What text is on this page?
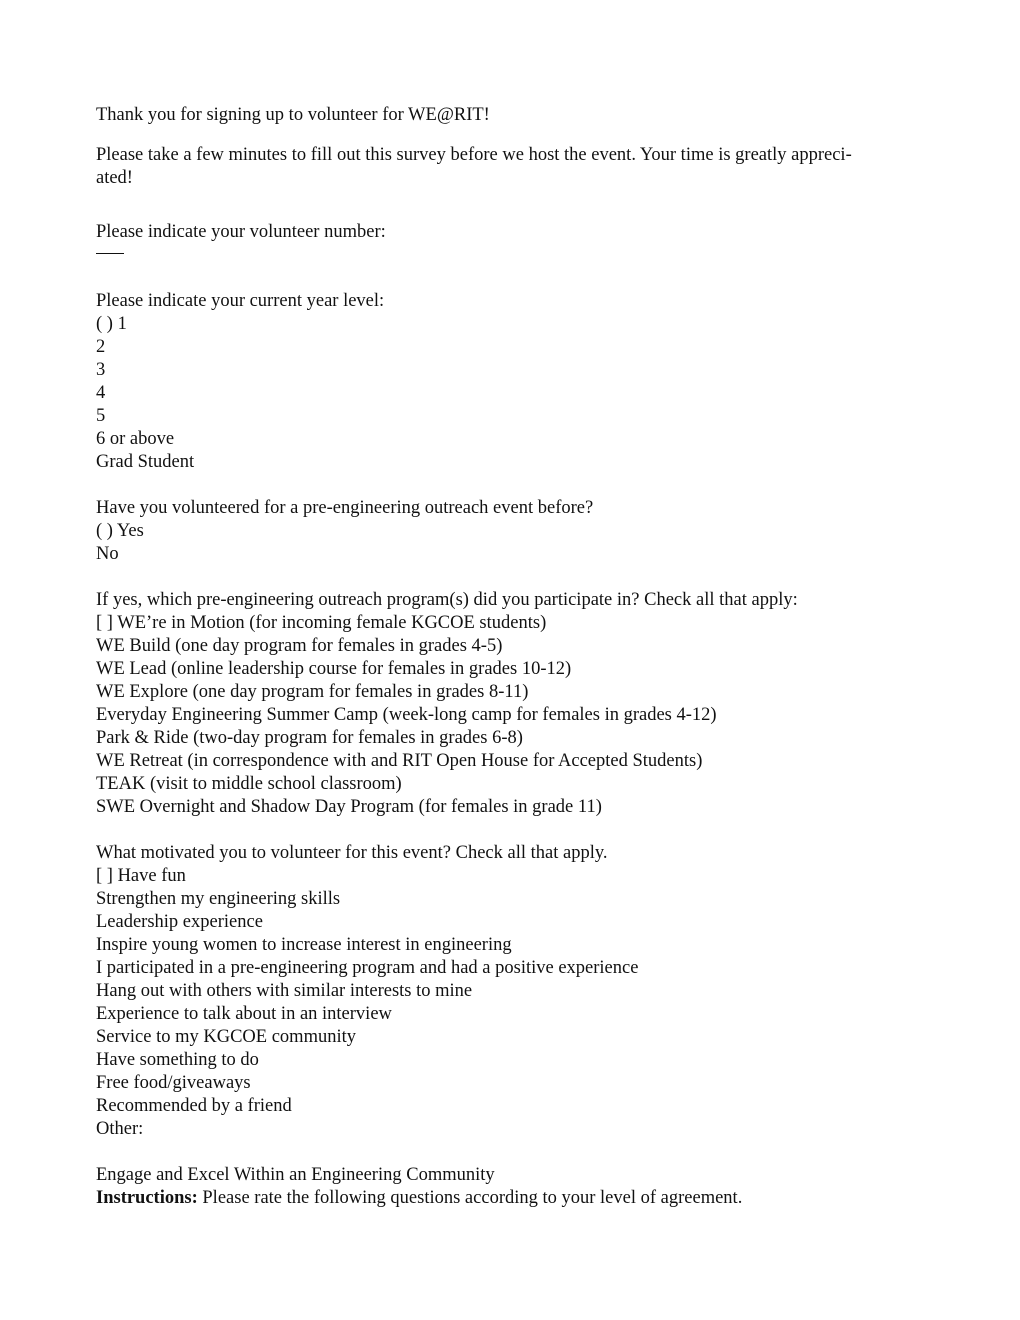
Thank you for signing up to volunteer for WE@RIT!

Please take a few minutes to fill out this survey before we host the event. Your time is greatly appreci-
ated!

Please indicate your volunteer number:
Please indicate your current year level:
( ) 1
2
3
4
5
6 or above
Grad Student
Have you volunteered for a pre-engineering outreach event before?
( ) Yes
No
If yes, which pre-engineering outreach program(s) did you participate in? Check all that apply:
[ ] WE’re in Motion (for incoming female KGCOE students)
WE Build (one day program for females in grades 4-5)
WE Lead (online leadership course for females in grades 10-12)
WE Explore (one day program for females in grades 8-11)
Everyday Engineering Summer Camp (week-long camp for females in grades 4-12)
Park & Ride (two-day program for females in grades 6-8)
WE Retreat (in correspondence with and RIT Open House for Accepted Students)
TEAK (visit to middle school classroom)
SWE Overnight and Shadow Day Program (for females in grade 11)
What motivated you to volunteer for this event? Check all that apply.
[ ] Have fun
Strengthen my engineering skills
Leadership experience
Inspire young women to increase interest in engineering
I participated in a pre-engineering program and had a positive experience
Hang out with others with similar interests to mine
Experience to talk about in an interview
Service to my KGCOE community
Have something to do
Free food/giveaways
Recommended by a friend
Other:
Engage and Excel Within an Engineering Community
Instructions: Please rate the following questions according to your level of agreement.
